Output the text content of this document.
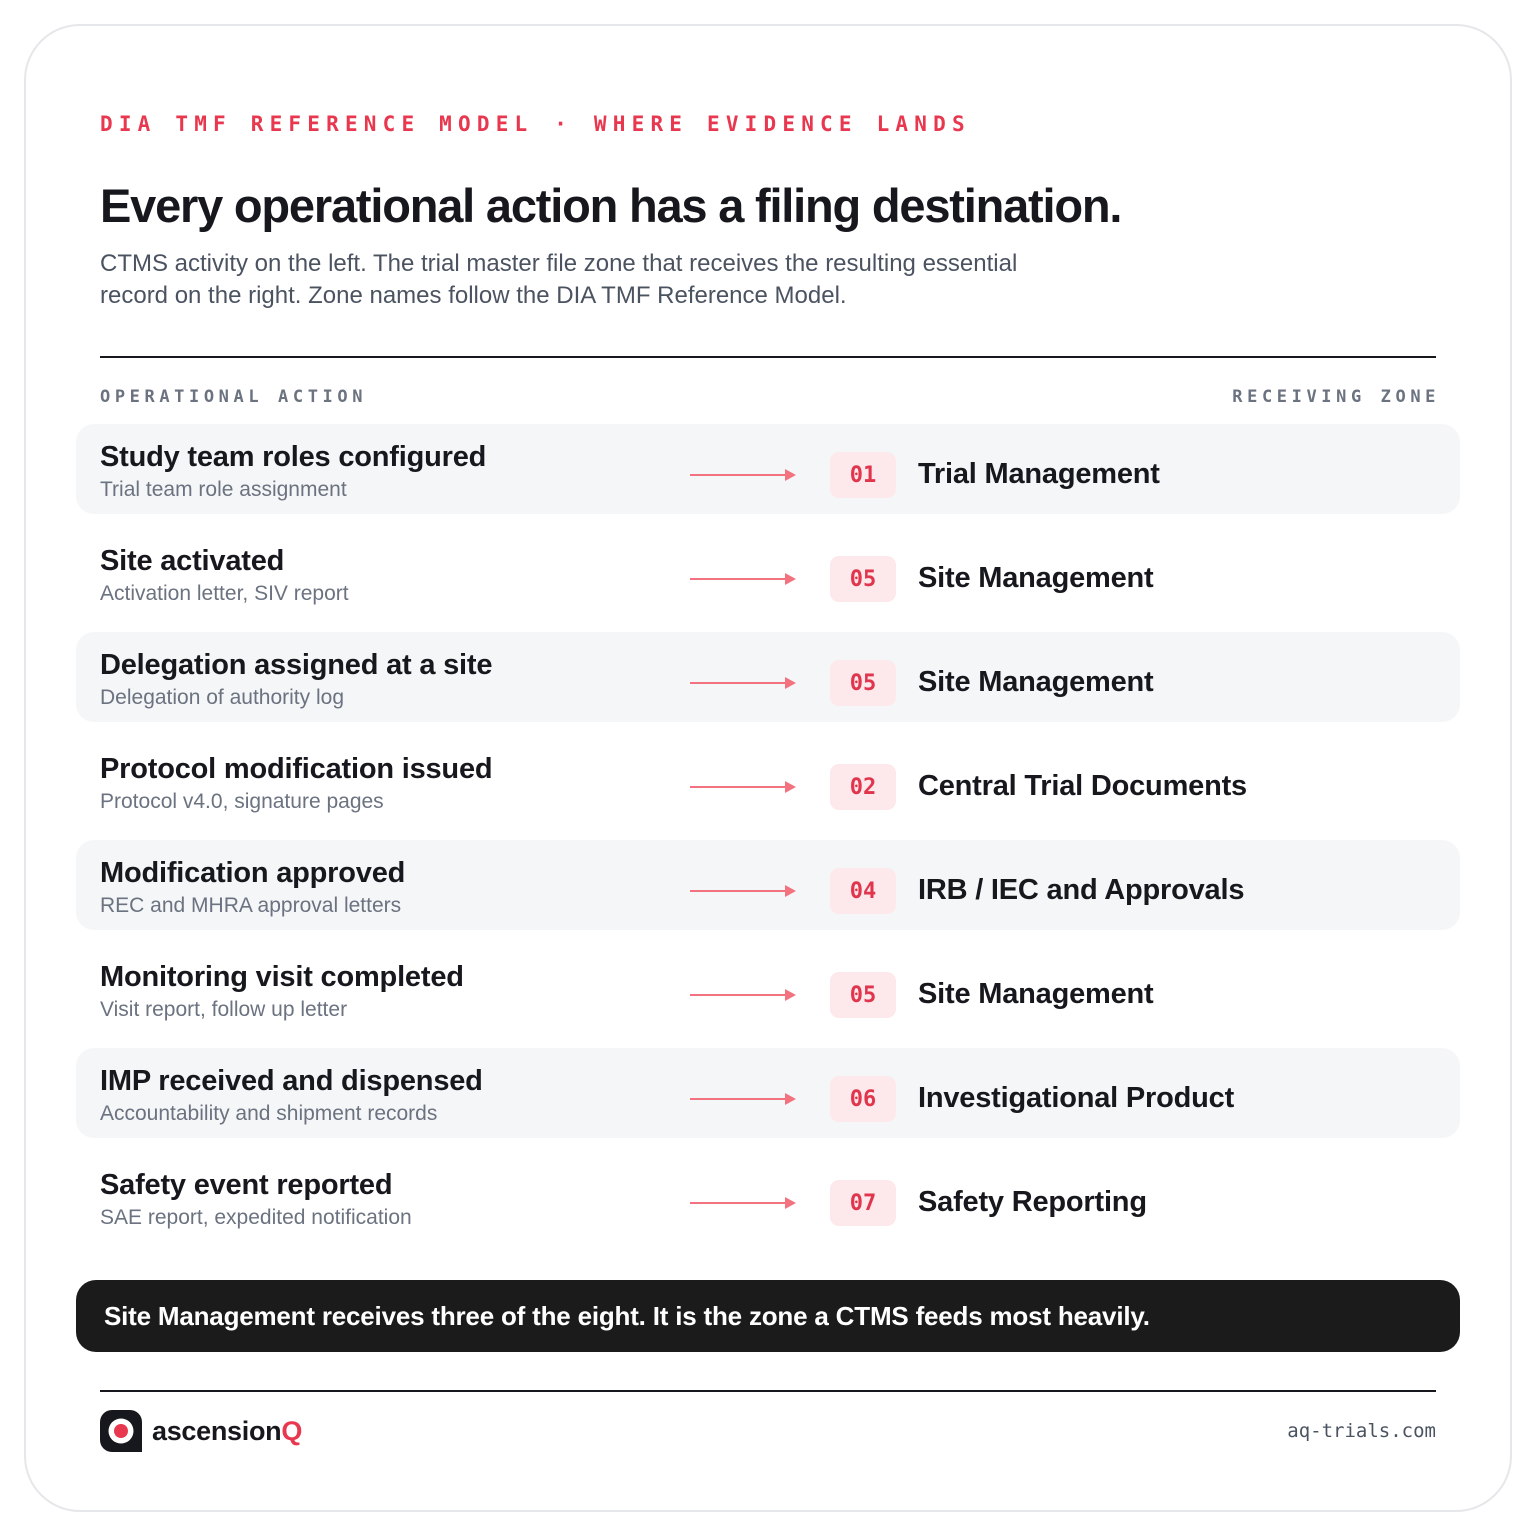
DIA TMF REFERENCE MODEL · WHERE EVIDENCE LANDS
Every operational action has a filing destination.

CTMS activity on the left. The trial master file zone that receives the resulting essential record on the right. Zone names follow the DIA TMF Reference Model.

OPERATIONAL ACTION	RECEIVING ZONE
Study team roles configured
Trial team role assignment
01	Trial Management
Site activated
Activation letter, SIV report
05	Site Management
Delegation assigned at a site
Delegation of authority log
05	Site Management
Protocol modification issued
Protocol v4.0, signature pages
02	Central Trial Documents
Modification approved
REC and MHRA approval letters
04	IRB / IEC and Approvals
Monitoring visit completed
Visit report, follow up letter
05	Site Management
IMP received and dispensed
Accountability and shipment records
06	Investigational Product
Safety event reported
SAE report, expedited notification
07	Safety Reporting
Site Management receives three of the eight. It is the zone a CTMS feeds most heavily.
ascensionQ	aq-trials.com
